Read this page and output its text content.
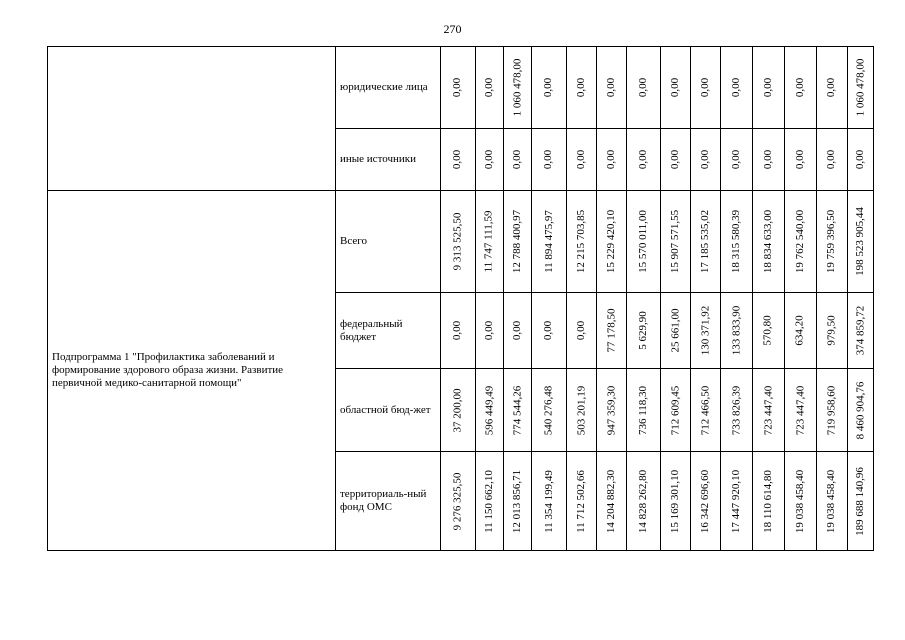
270
Подпрограмма 1 "Профилактика заболеваний и формирование здорового образа жизни. Развитие первичной медико-санитарной помощи"
юридические лица	0,00 0,00 1 060 478,00 0,00 0,00 0,00 0,00 0,00 0,00 0,00 0,00 0,00 0,00 1 060 478,00
иные источники	0,00 0,00 0,00 0,00 0,00 0,00 0,00 0,00 0,00 0,00 0,00 0,00 0,00 0,00
Всего	9 313 525,50 11 747 111,59 12 788 400,97 11 894 475,97 12 215 703,85 15 229 420,10 15 570 011,00 15 907 571,55 17 185 535,02 18 315 580,39 18 834 633,00 19 762 540,00 19 759 396,50 198 523 905,44
федеральный бюджет	0,00 0,00 0,00 0,00 0,00 77 178,50 5 629,90 25 661,00 130 371,92 133 833,90 570,80 634,20 979,50 374 859,72
областной бюд-жет	37 200,00 596 449,49 774 544,26 540 276,48 503 201,19 947 359,30 736 118,30 712 609,45 712 466,50 733 826,39 723 447,40 723 447,40 719 958,60 8 460 904,76
территориаль-ный фонд ОМС	9 276 325,50 11 150 662,10 12 013 856,71 11 354 199,49 11 712 502,66 14 204 882,30 14 828 262,80 15 169 301,10 16 342 696,60 17 447 920,10 18 110 614,80 19 038 458,40 19 038 458,40 189 688 140,96
